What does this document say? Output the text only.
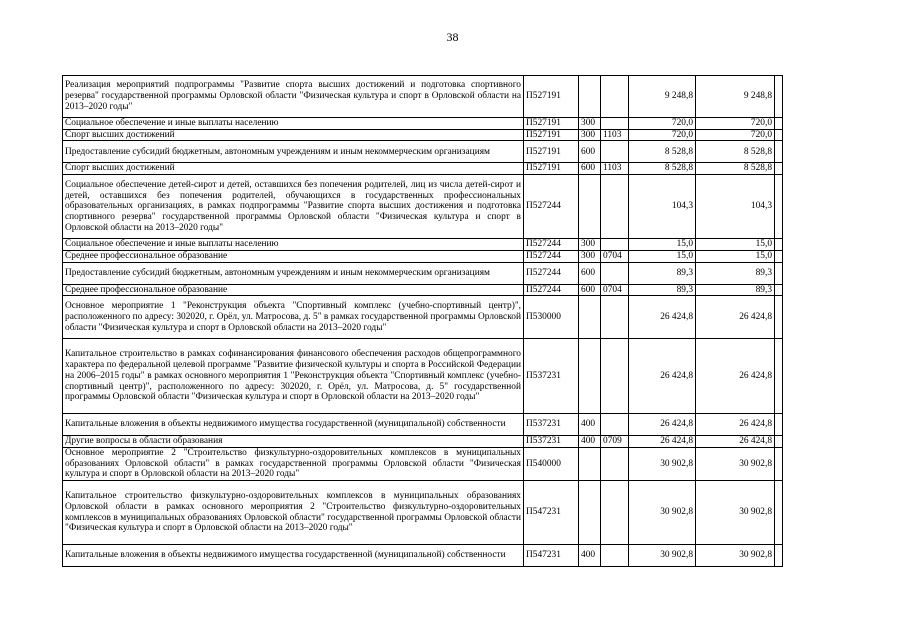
38
Реализация мероприятий подпрограммы "Развитие спорта высших достижений и подготовка спортивного резерва" государственной программы Орловской области "Физическая культура и спорт в Орловской области на 2013–2020 годы"	П527191			9 248,8	9 248,8	
Социальное обеспечение и иные выплаты населению	П527191	300		720,0	720,0	
Спорт высших достижений	П527191	300	1103	720,0	720,0	
Предоставление субсидий бюджетным, автономным учреждениям и иным некоммерческим организациям	П527191	600		8 528,8	8 528,8	
Спорт высших достижений	П527191	600	1103	8 528,8	8 528,8	
Социальное обеспечение детей-сирот и детей, оставшихся без попечения родителей, лиц из числа детей-сирот и детей, оставшихся без попечения родителей, обучающихся в государственных профессиональных образовательных организациях, в рамках подпрограммы "Развитие спорта высших достижения и подготовка спортивного резерва" государственной программы Орловской области "Физическая культура и спорт в Орловской области на 2013–2020 годы"	П527244			104,3	104,3	
Социальное обеспечение и иные выплаты населению	П527244	300		15,0	15,0	
Среднее профессиональное образование	П527244	300	0704	15,0	15,0	
Предоставление субсидий бюджетным, автономным учреждениям и иным некоммерческим организациям	П527244	600		89,3	89,3	
Среднее профессиональное образование	П527244	600	0704	89,3	89,3	
Основное мероприятие 1 "Реконструкция объекта "Спортивный комплекс (учебно-спортивный центр)", расположенного по адресу: 302020, г. Орёл, ул. Матросова, д. 5" в рамках государственной программы Орловской области "Физическая культура и спорт в Орловской области на 2013–2020 годы"	П530000			26 424,8	26 424,8	
Капитальное строительство в рамках софинансирования финансового обеспечения расходов общепрограммного характера по федеральной целевой программе "Развитие физической культуры и спорта в Российской Федерации на 2006–2015 годы" в рамках основного мероприятия 1 "Реконструкция объекта "Спортивный комплекс (учебно-спортивный центр)", расположенного по адресу: 302020, г. Орёл, ул. Матросова, д. 5" государственной программы Орловской области "Физическая культура и спорт в Орловской области на 2013–2020 годы"	П537231			26 424,8	26 424,8	
Капитальные вложения в объекты недвижимого имущества государственной (муниципальной) собственности	П537231	400		26 424,8	26 424,8	
Другие вопросы в области образования	П537231	400	0709	26 424,8	26 424,8	
Основное мероприятие 2 "Строительство физкультурно-оздоровительных комплексов в муниципальных образованиях Орловской области" в рамках государственной программы Орловской области "Физическая культура и спорт в Орловской области на 2013–2020 годы"	П540000			30 902,8	30 902,8	
Капитальное строительство физкультурно-оздоровительных комплексов в муниципальных образованиях Орловской области в рамках основного мероприятия 2 "Строительство физкультурно-оздоровительных комплексов в муниципальных образованиях Орловской области" государственной программы Орловской области "Физическая культура и спорт в Орловской области на 2013–2020 годы"	П547231			30 902,8	30 902,8	
Капитальные вложения в объекты недвижимого имущества государственной (муниципальной) собственности	П547231	400		30 902,8	30 902,8	
